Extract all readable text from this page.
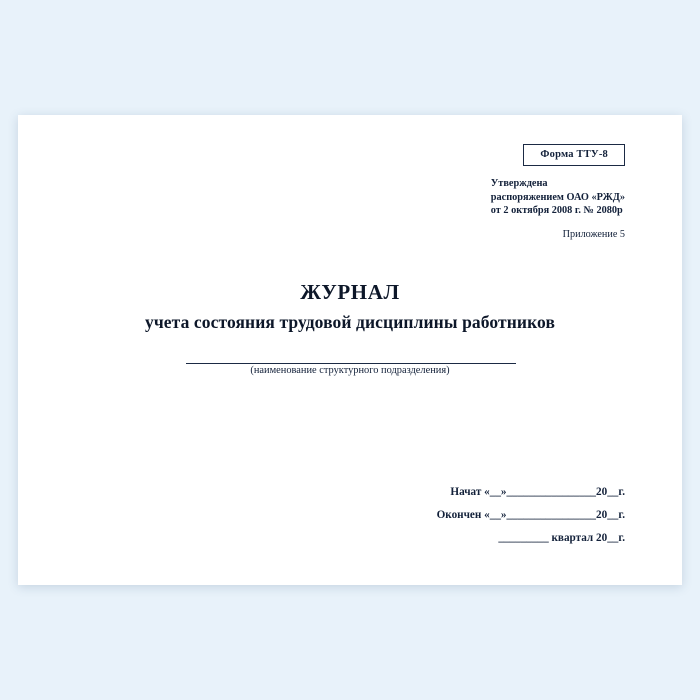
Форма ТТУ-8
Утверждена
распоряжением ОАО «РЖД»
от 2 октября 2008 г. № 2080р
Приложение 5
ЖУРНАЛ
учета состояния трудовой дисциплины работников
(наименование структурного подразделения)
Начат «__»________________20__г.
Окончен «__»________________20__г.
_________ квартал 20__г.
